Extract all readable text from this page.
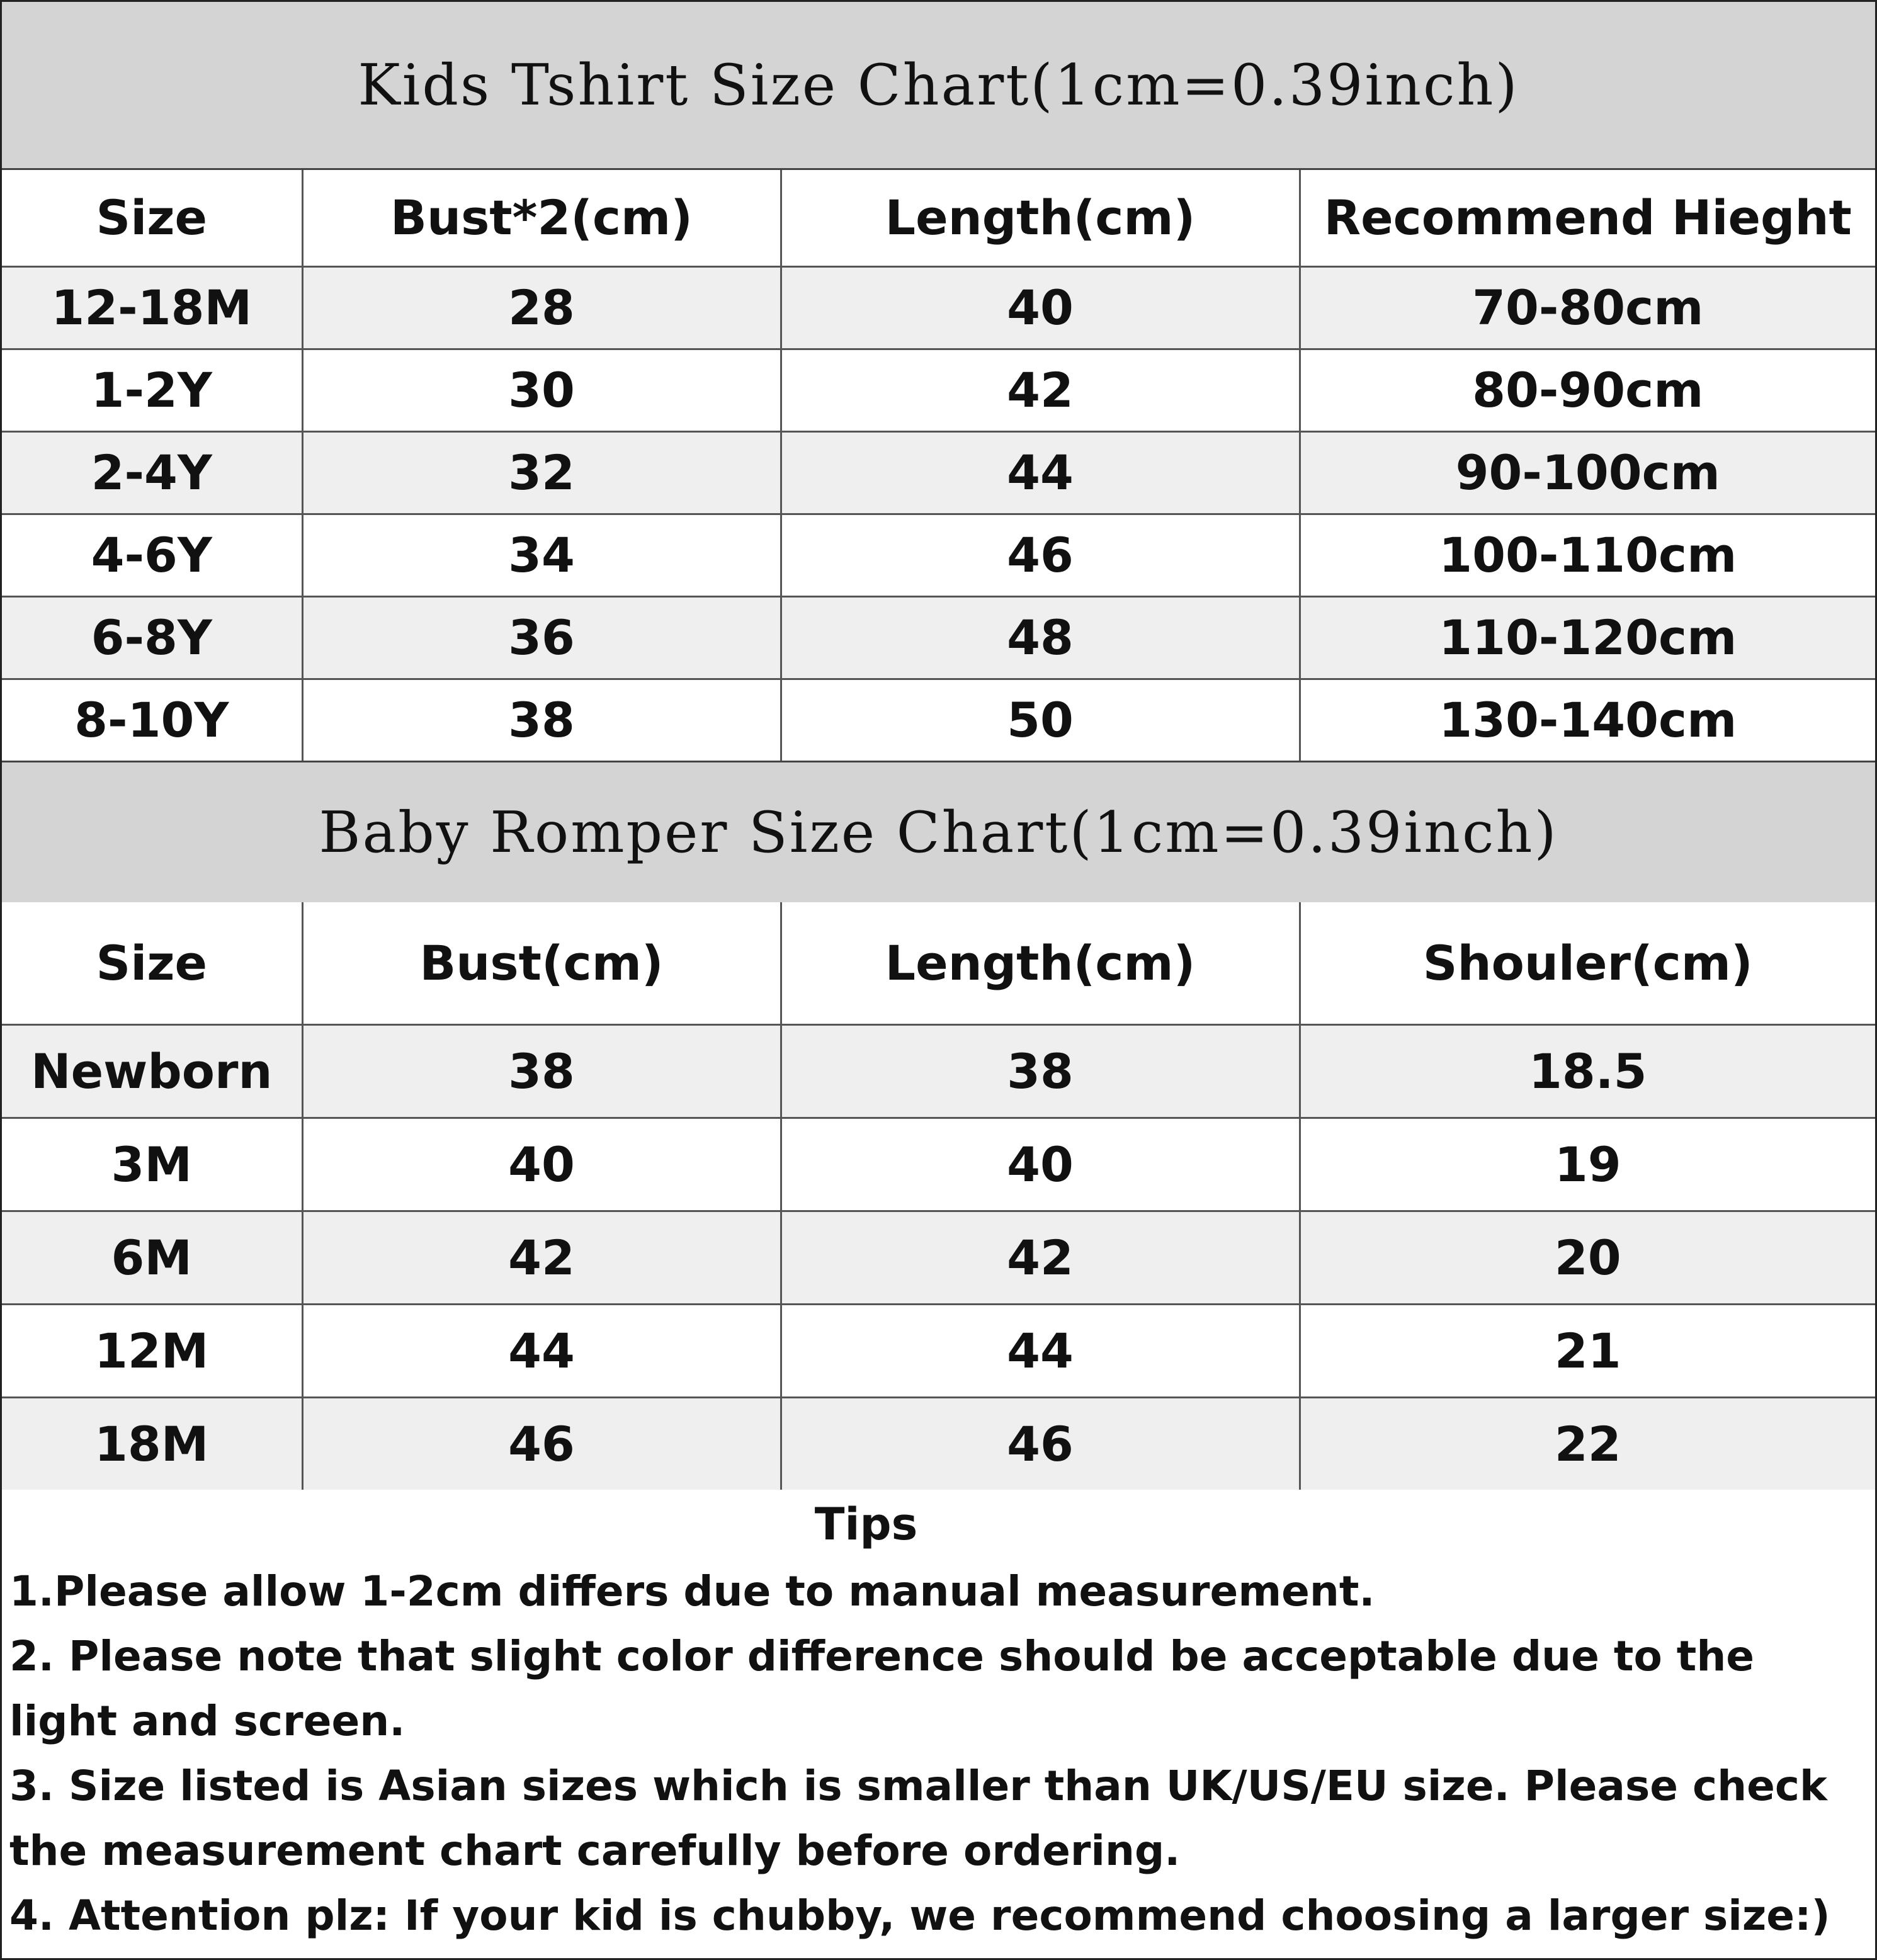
Kids Tshirt Size Chart(1cm=0.39inch)
Size	Bust*2(cm)	Length(cm)	Recommend Hieght
12-18M	28	40	70-80cm
1-2Y	30	42	80-90cm
2-4Y	32	44	90-100cm
4-6Y	34	46	100-110cm
6-8Y	36	48	110-120cm
8-10Y	38	50	130-140cm
Baby Romper Size Chart(1cm=0.39inch)
Size	Bust(cm)	Length(cm)	Shouler(cm)
Newborn	38	38	18.5
3M	40	40	19
6M	42	42	20
12M	44	44	21
18M	46	46	22
Tips
1.Please allow 1-2cm differs due to manual measurement.
2. Please note that slight color difference should be acceptable due to the
light and screen.
3. Size listed is Asian sizes which is smaller than UK/US/EU size. Please check
the measurement chart carefully before ordering.
4. Attention plz: If your kid is chubby, we recommend choosing a larger size:)
